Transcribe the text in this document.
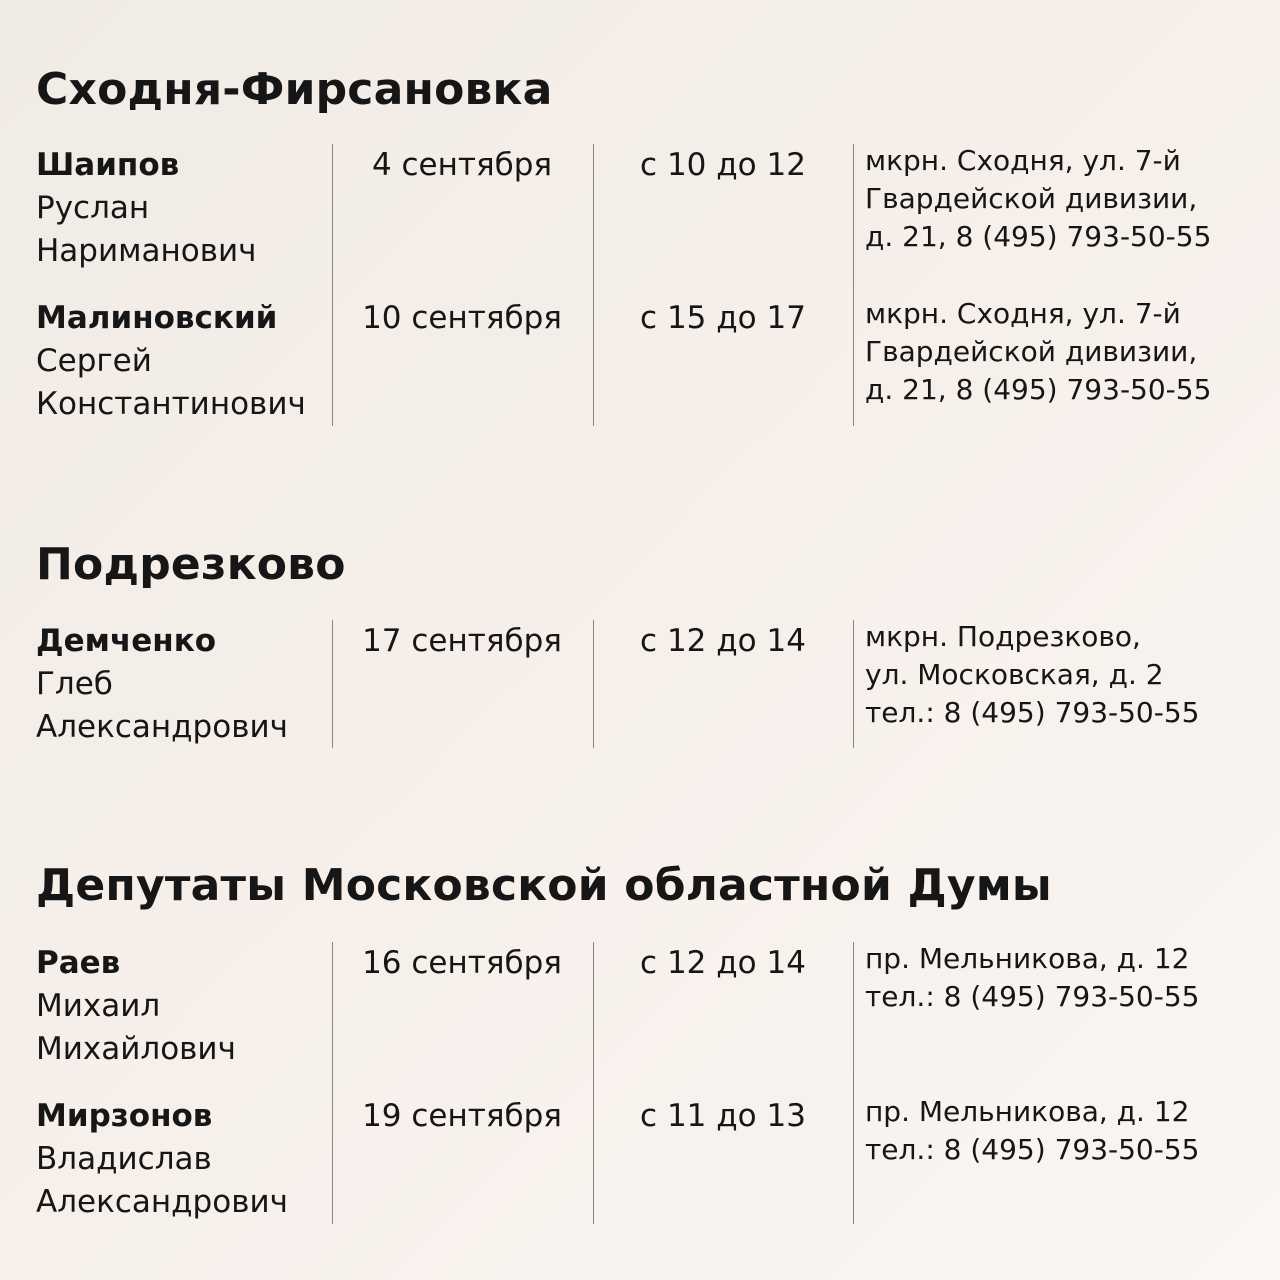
Сходня-Фирсановка
Шаипов
Руслан
Нариманович
4 сентября	с 10 до 12	мкрн. Сходня, ул. 7-й
Гвардейской дивизии,
д. 21, 8 (495) 793-50-55
Малиновский
Сергей
Константинович
10 сентября	с 15 до 17	мкрн. Сходня, ул. 7-й
Гвардейской дивизии,
д. 21, 8 (495) 793-50-55
Подрезково
Демченко
Глеб
Александрович
17 сентября	с 12 до 14	мкрн. Подрезково,
ул. Московская, д. 2
тел.: 8 (495) 793-50-55
Депутаты Московской областной Думы
Раев
Михаил
Михайлович
16 сентября	с 12 до 14	пр. Мельникова, д. 12
тел.: 8 (495) 793-50-55
Мирзонов
Владислав
Александрович
19 сентября	с 11 до 13	пр. Мельникова, д. 12
тел.: 8 (495) 793-50-55
